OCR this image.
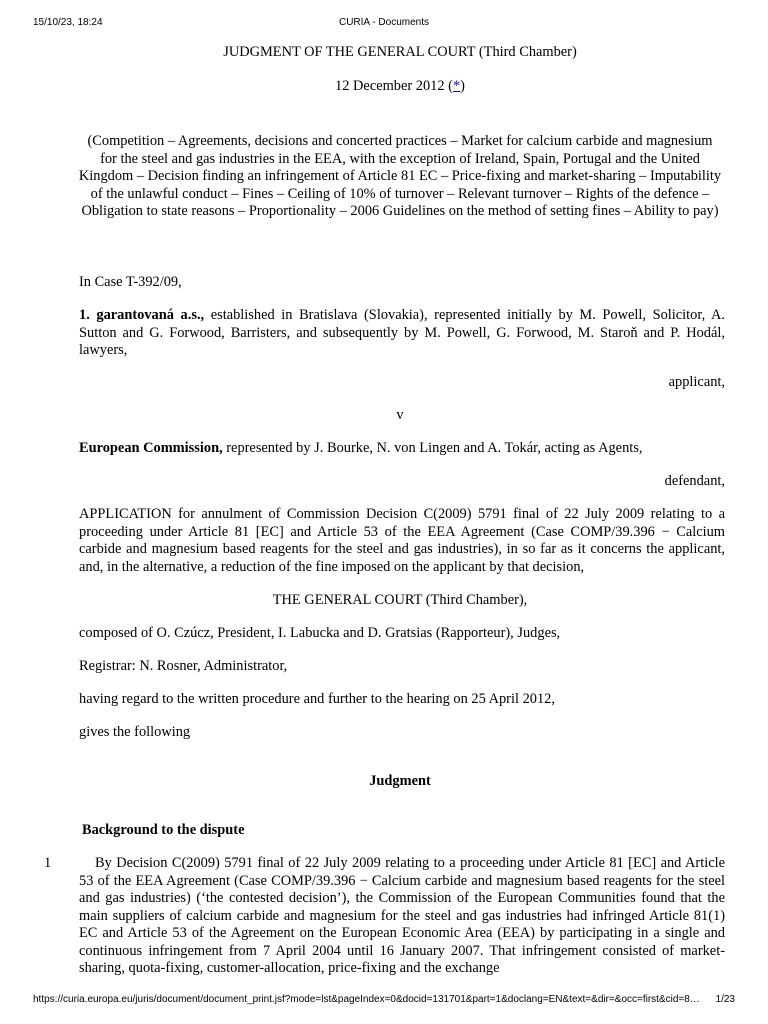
15/10/23, 18:24	CURIA - Documents
JUDGMENT OF THE GENERAL COURT (Third Chamber)
12 December 2012 (*)
(Competition – Agreements, decisions and concerted practices – Market for calcium carbide and magnesium for the steel and gas industries in the EEA, with the exception of Ireland, Spain, Portugal and the United Kingdom – Decision finding an infringement of Article 81 EC – Price-fixing and market-sharing – Imputability of the unlawful conduct – Fines – Ceiling of 10% of turnover – Relevant turnover – Rights of the defence – Obligation to state reasons – Proportionality – 2006 Guidelines on the method of setting fines – Ability to pay)
In Case T-392/09,
1. garantovaná a.s., established in Bratislava (Slovakia), represented initially by M. Powell, Solicitor, A. Sutton and G. Forwood, Barristers, and subsequently by M. Powell, G. Forwood, M. Staroň and P. Hodál, lawyers,
applicant,
v
European Commission, represented by J. Bourke, N. von Lingen and A. Tokár, acting as Agents,
defendant,
APPLICATION for annulment of Commission Decision C(2009) 5791 final of 22 July 2009 relating to a proceeding under Article 81 [EC] and Article 53 of the EEA Agreement (Case COMP/39.396 − Calcium carbide and magnesium based reagents for the steel and gas industries), in so far as it concerns the applicant, and, in the alternative, a reduction of the fine imposed on the applicant by that decision,
THE GENERAL COURT (Third Chamber),
composed of O. Czúcz, President, I. Labucka and D. Gratsias (Rapporteur), Judges,
Registrar: N. Rosner, Administrator,
having regard to the written procedure and further to the hearing on 25 April 2012,
gives the following
Judgment
Background to the dispute
1	By Decision C(2009) 5791 final of 22 July 2009 relating to a proceeding under Article 81 [EC] and Article 53 of the EEA Agreement (Case COMP/39.396 − Calcium carbide and magnesium based reagents for the steel and gas industries) (‘the contested decision’), the Commission of the European Communities found that the main suppliers of calcium carbide and magnesium for the steel and gas industries had infringed Article 81(1) EC and Article 53 of the Agreement on the European Economic Area (EEA) by participating in a single and continuous infringement from 7 April 2004 until 16 January 2007. That infringement consisted of market-sharing, quota-fixing, customer-allocation, price-fixing and the exchange
https://curia.europa.eu/juris/document/document_print.jsf?mode=lst&pageIndex=0&docid=131701&part=1&doclang=EN&text=&dir=&occ=first&cid=8… 1/23
